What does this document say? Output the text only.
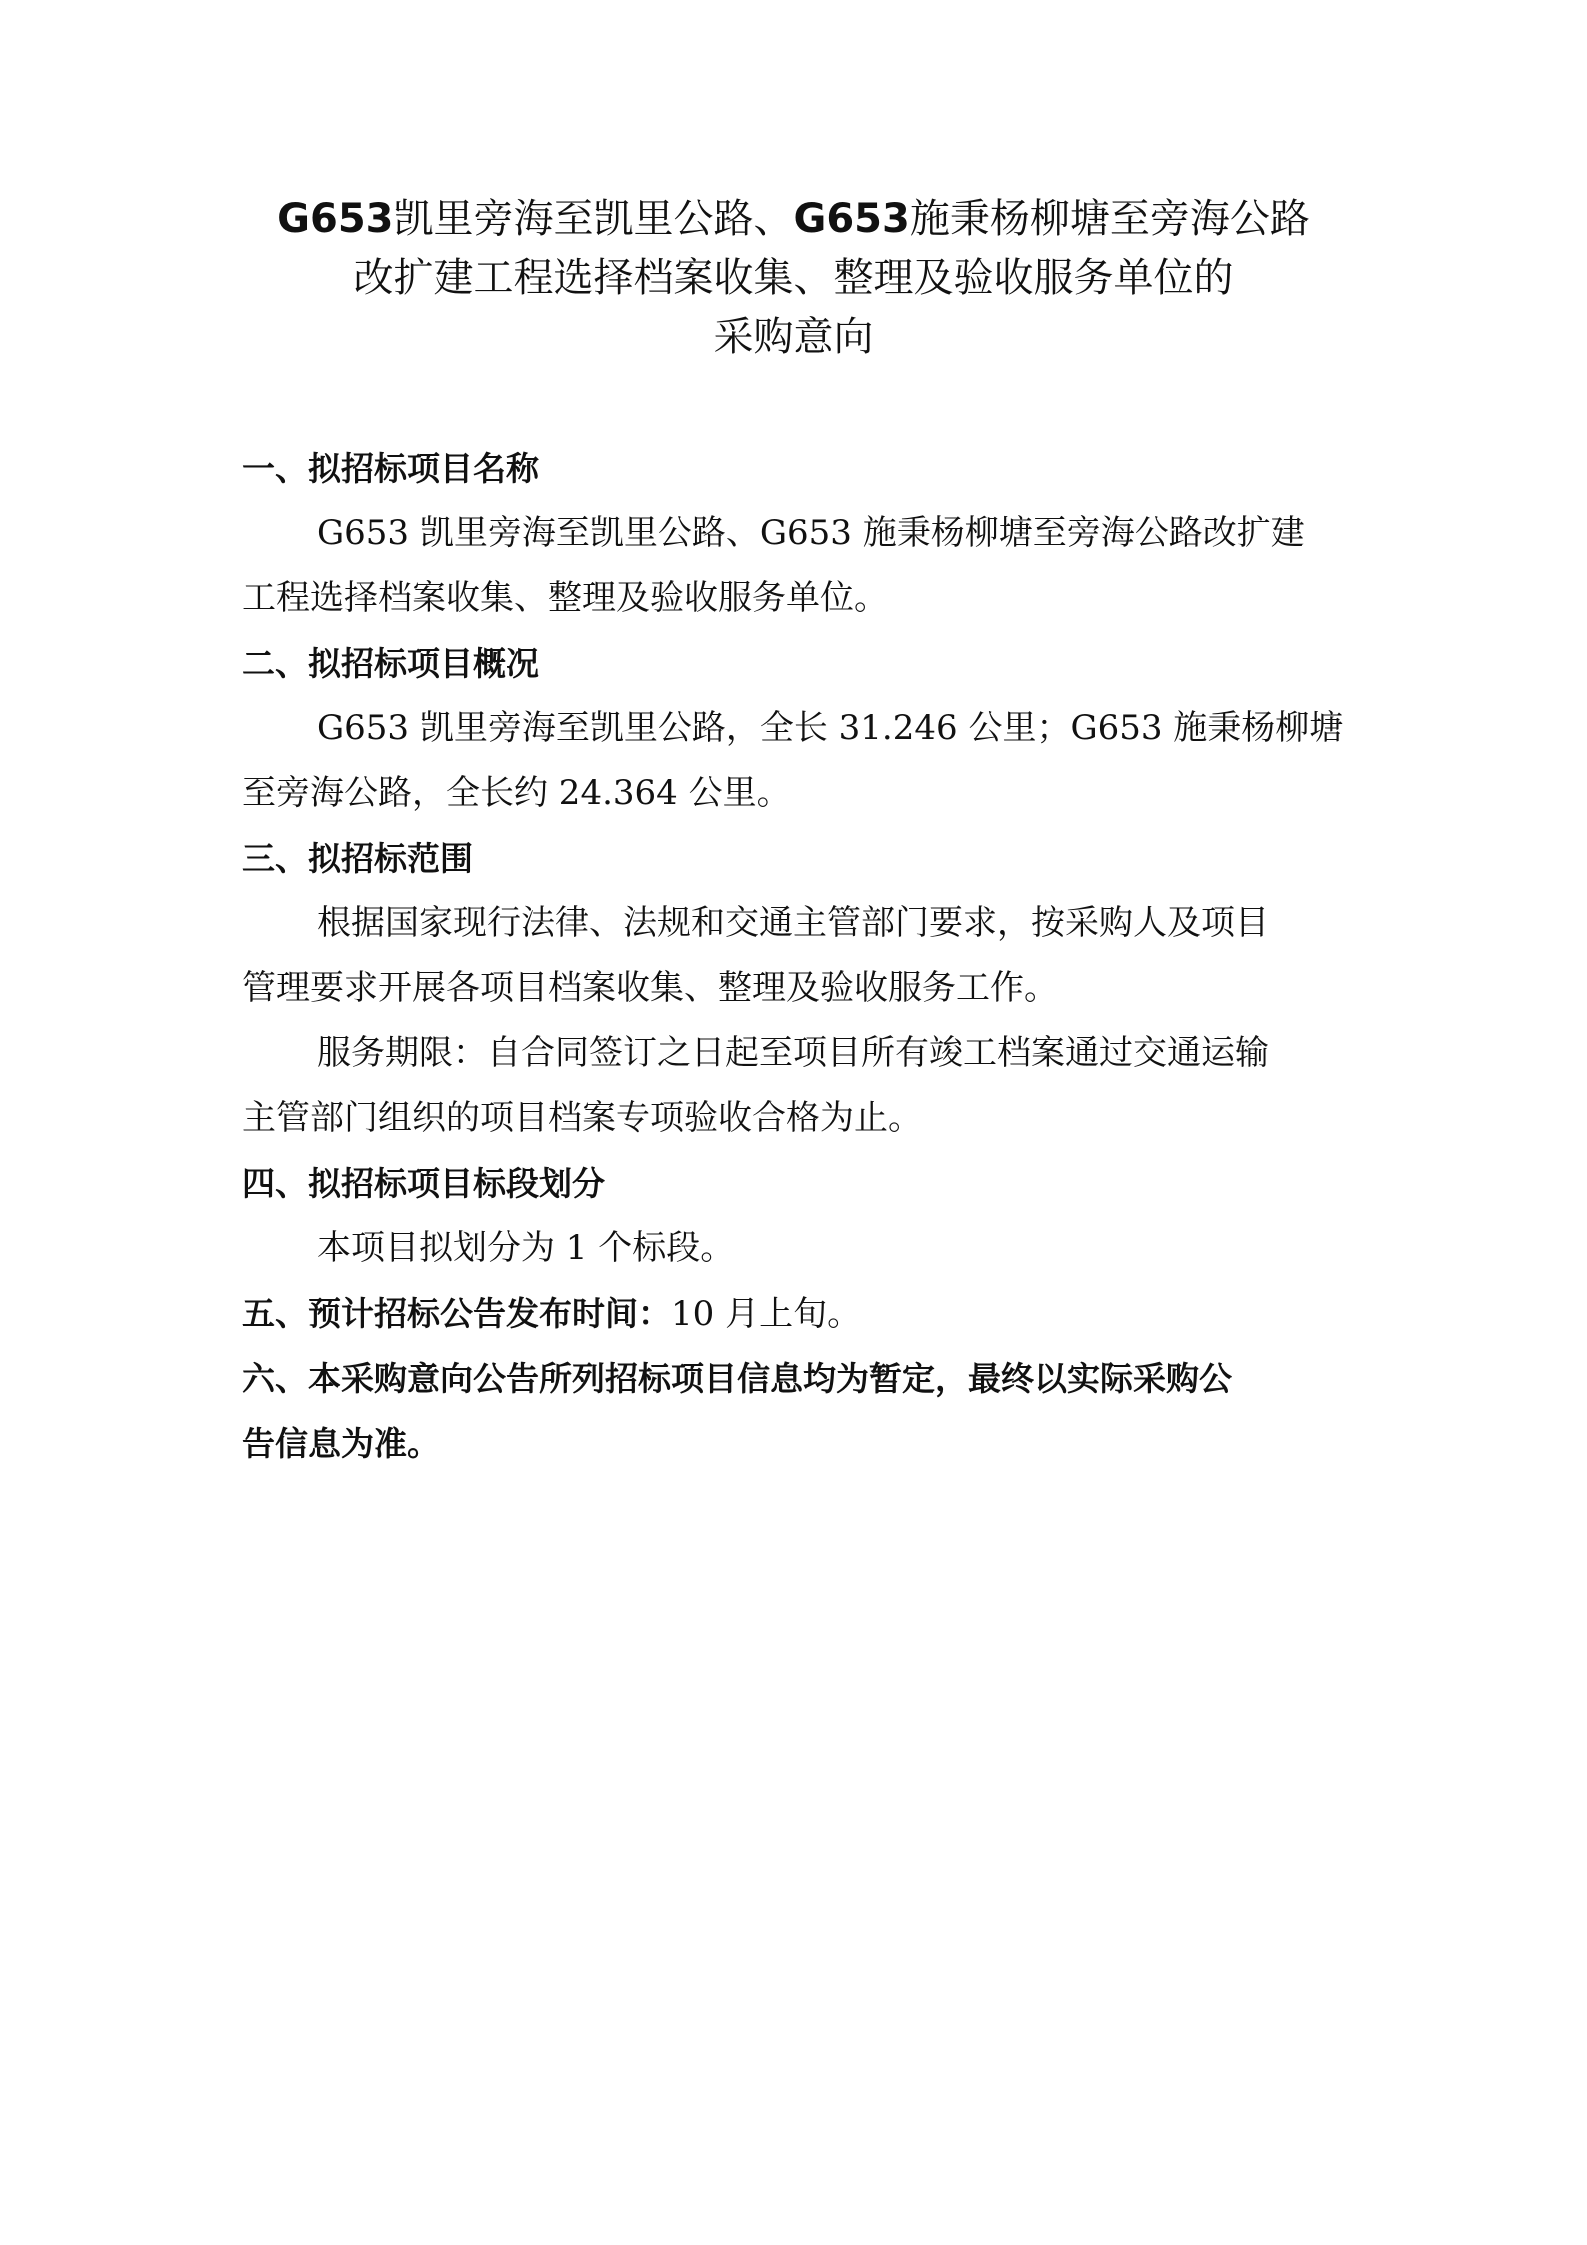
G653凯里旁海至凯里公路、G653施秉杨柳塘至旁海公路
改扩建工程选择档案收集、整理及验收服务单位的
采购意向
一、拟招标项目名称
G653 凯里旁海至凯里公路、G653 施秉杨柳塘至旁海公路改扩建
工程选择档案收集、整理及验收服务单位。
二、拟招标项目概况
G653 凯里旁海至凯里公路，全长 31.246 公里；G653 施秉杨柳塘
至旁海公路，全长约 24.364 公里。
三、拟招标范围
根据国家现行法律、法规和交通主管部门要求，按采购人及项目
管理要求开展各项目档案收集、整理及验收服务工作。
服务期限：自合同签订之日起至项目所有竣工档案通过交通运输
主管部门组织的项目档案专项验收合格为止。
四、拟招标项目标段划分
本项目拟划分为 1 个标段。
五、预计招标公告发布时间：10 月上旬。
六、本采购意向公告所列招标项目信息均为暂定，最终以实际采购公
告信息为准。
